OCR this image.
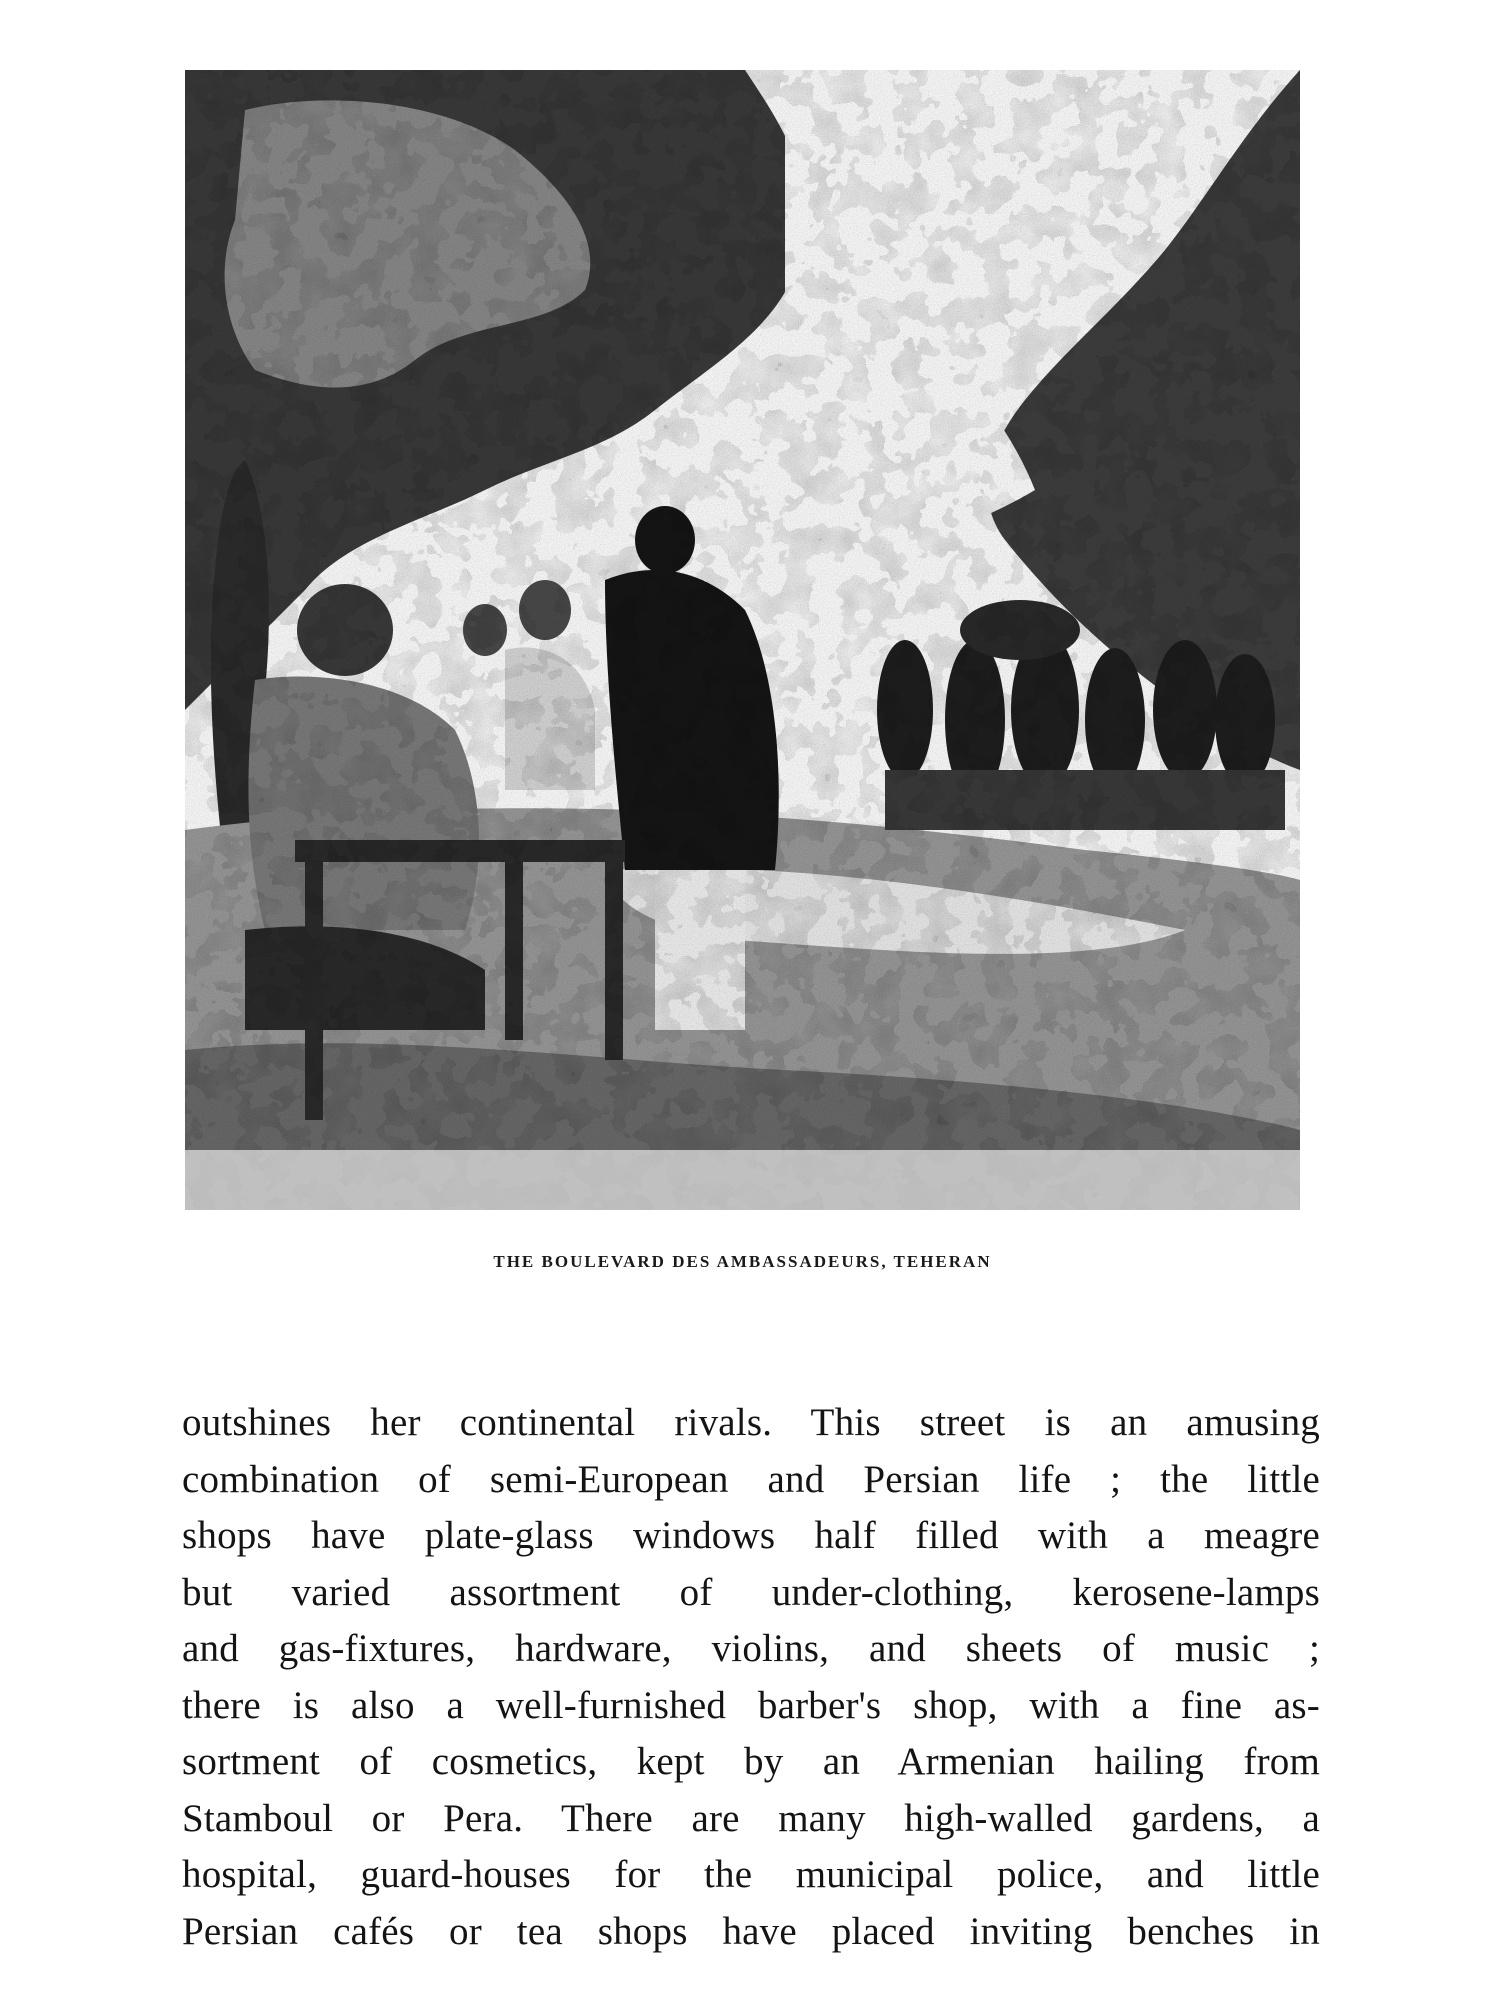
THE BOULEVARD DES AMBASSADEURS, TEHERAN
outshines her continental rivals. This street is an amusing
combination of semi-European and Persian life ; the little
shops have plate-glass windows half filled with a meagre
but varied assortment of under-clothing, kerosene-lamps
and gas-fixtures, hardware, violins, and sheets of music ;
there is also a well-furnished barber's shop, with a fine as-
sortment of cosmetics, kept by an Armenian hailing from
Stamboul or Pera. There are many high-walled gardens, a
hospital, guard-houses for the municipal police, and little
Persian cafés or tea shops have placed inviting benches in
